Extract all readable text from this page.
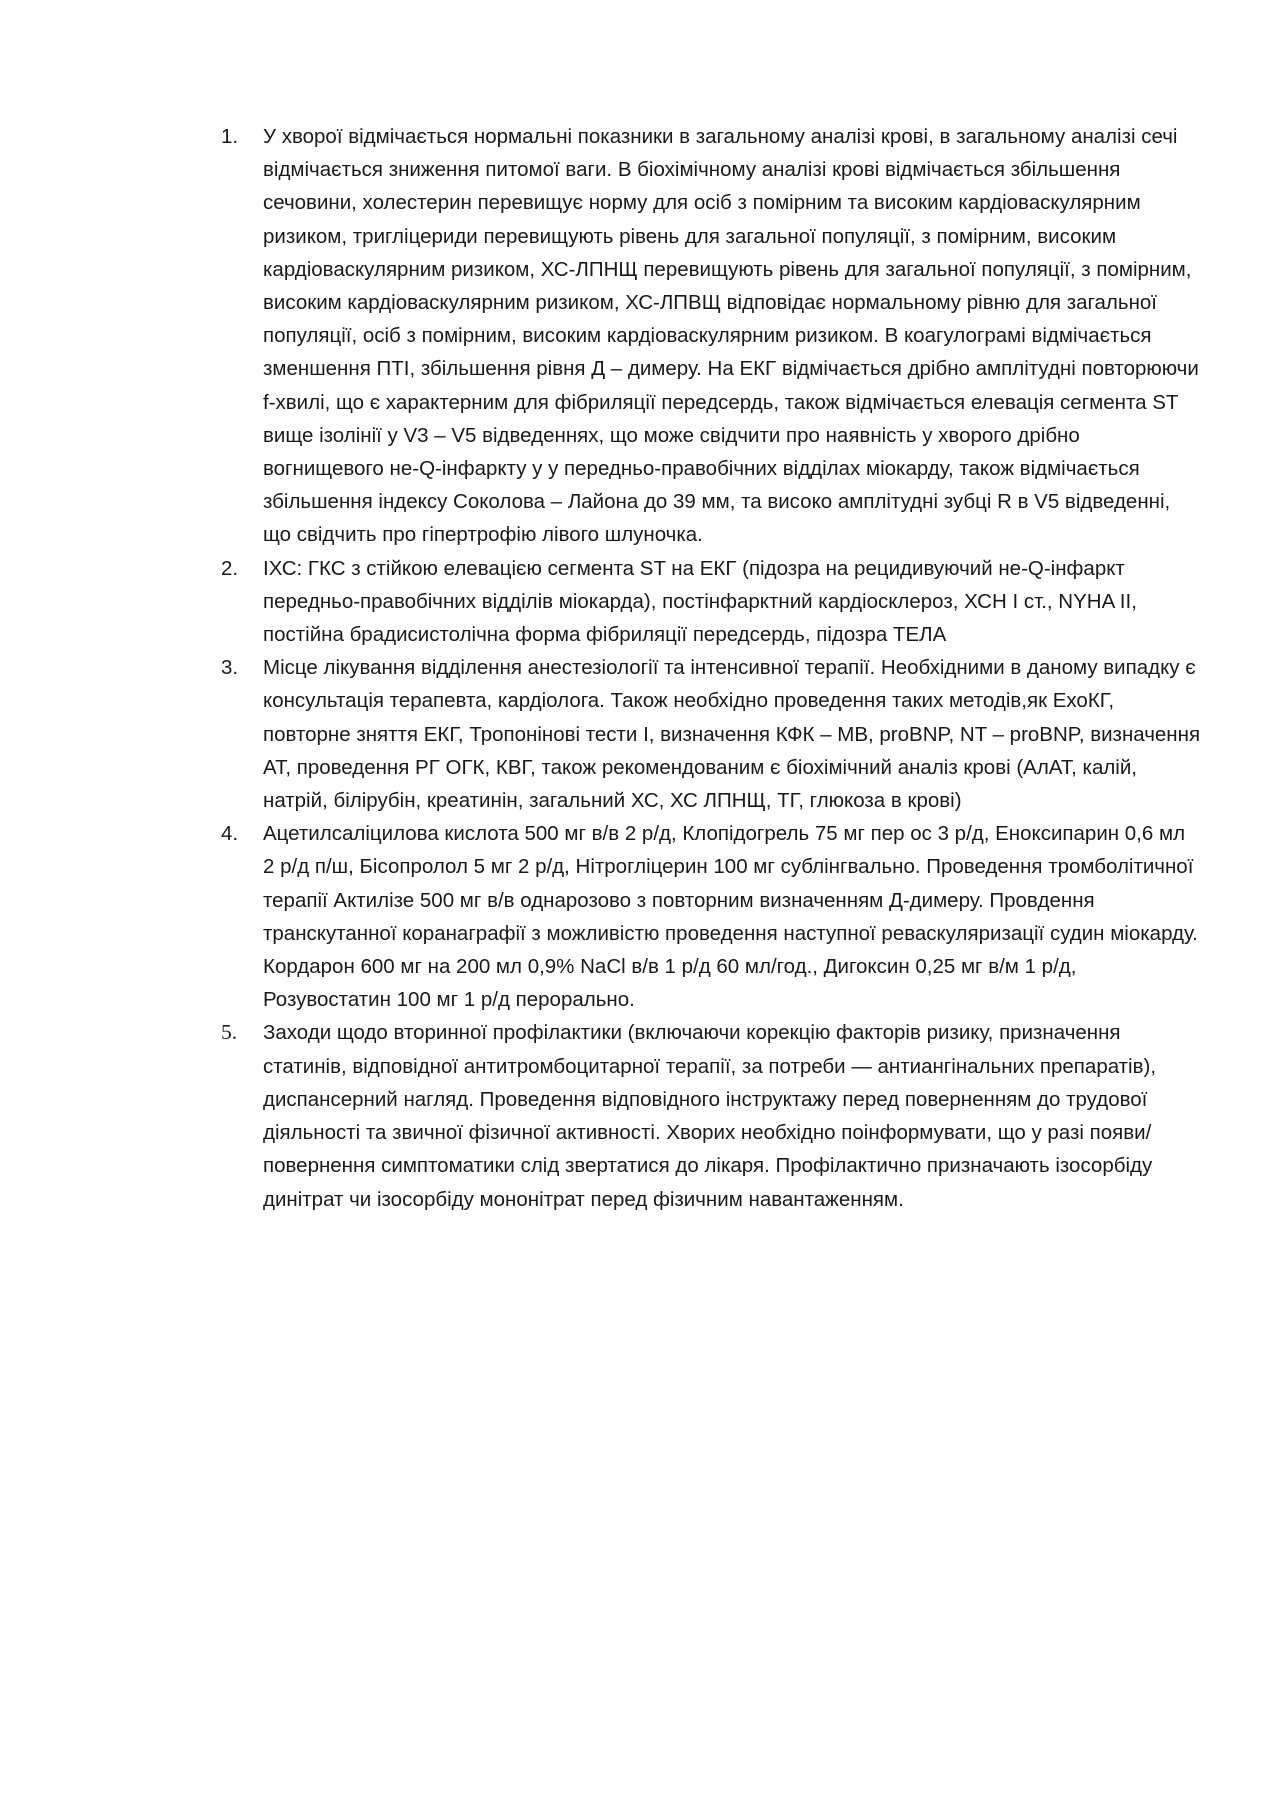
1.	У хворої відмічається нормальні показники в загальному аналізі крові, в загальному аналізі сечі відмічається зниження питомої ваги. В біохімічному аналізі крові відмічається збільшення сечовини, холестерин перевищує норму для осіб з помірним та високим кардіоваскулярним ризиком, тригліцериди перевищують рівень для загальної популяції, з помірним, високим кардіоваскулярним ризиком, ХС-ЛПНЩ перевищують рівень для загальної популяції, з помірним, високим кардіоваскулярним ризиком, ХС-ЛПВЩ відповідає нормальному рівню для загальної популяції, осіб з помірним, високим кардіоваскулярним ризиком. В коагулограмі відмічається зменшення ПТІ, збільшення рівня Д – димеру. На ЕКГ відмічається дрібно амплітудні повторюючи f-хвилі, що є характерним для фібриляції передсердь, також відмічається елевація сегмента ST вище ізолінії у V3 – V5 відведеннях, що може свідчити про наявність у хворого дрібно вогнищевого не-Q-інфаркту у у передньо-правобічних відділах міокарду, також відмічається збільшення індексу Соколова – Лайона до 39 мм, та високо амплітудні зубці R в V5 відведенні, що свідчить про гіпертрофію лівого шлуночка.
2.	ІХС: ГКС з стійкою елевацією сегмента ST на ЕКГ (підозра на рецидивуючий не-Q-інфаркт передньо-правобічних відділів міокарда), постінфарктний кардіосклероз, ХСН І ст., NYHA II, постійна брадисистолічна форма фібриляції передсердь, підозра ТЕЛА
3.	Місце лікування відділення анестезіології та інтенсивної терапії. Необхідними в даному випадку є консультація терапевта, кардіолога. Також необхідно проведення таких методів,як ЕхоКГ, повторне зняття ЕКГ, Тропонінові тести І, визначення КФК – МВ, proBNP, NT – proBNP, визначення АТ, проведення РГ ОГК, КВГ, також рекомендованим є біохімічний аналіз крові (АлАТ, калій, натрій, білірубін, креатинін, загальний ХС, ХС ЛПНЩ, ТГ, глюкоза в крові)
4.	Ацетилсаліцилова кислота 500 мг в/в 2 р/д, Клопідогрель 75 мг пер ос 3 р/д, Еноксипарин 0,6 мл 2 р/д п/ш, Бісопролол 5 мг 2 р/д, Нітрогліцерин 100 мг сублінгвально. Проведення тромболітичної терапії Актилізе 500 мг в/в однарозово з повторним визначенням Д-димеру. Провдення транскутанної коранаграфії з можливістю проведення наступної реваскуляризації судин міокарду. Кордарон 600 мг на 200 мл 0,9% NaCl в/в 1 р/д 60 мл/год., Дигоксин 0,25 мг в/м 1 р/д, Розувостатин 100 мг 1 р/д перорально.
5.	Заходи щодо вторинної профілактики (включаючи корекцію факторів ризику, призначення статинів, відповідної антитромбоцитарної терапії, за потреби — антиангінальних препаратів), диспансерний нагляд. Проведення відповідного інструктажу перед поверненням до трудової діяльності та звичної фізичної активності. Хворих необхідно поінформувати, що у разі появи/повернення симптоматики слід звертатися до лікаря. Профілактично призначають ізосорбіду динітрат чи ізосорбіду мононітрат перед фізичним навантаженням.
